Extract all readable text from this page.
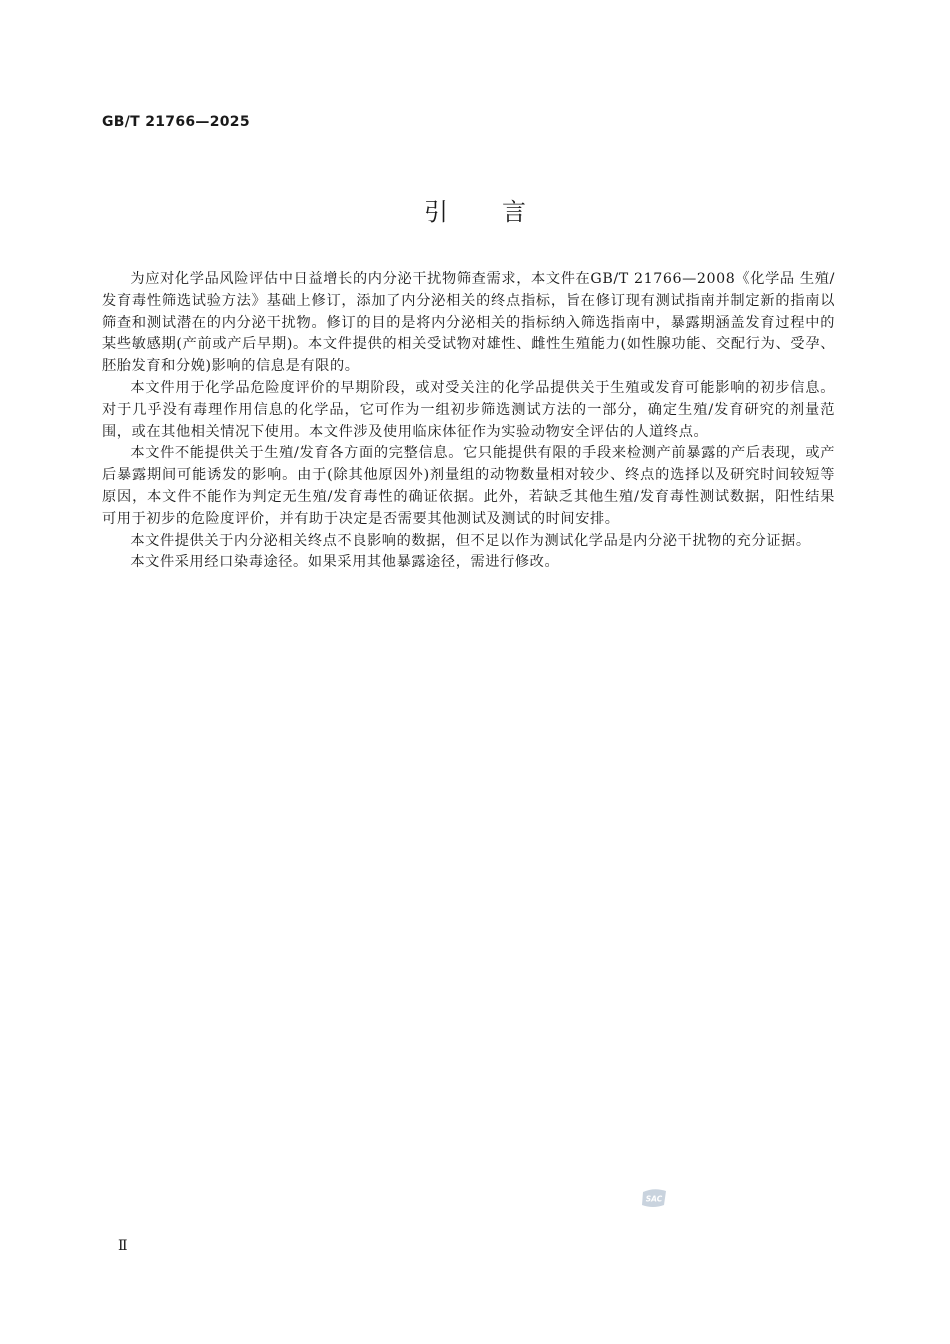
GB/T 21766—2025
引言

为应对化学品风险评估中日益增长的内分泌干扰物筛查需求，本文件在GB/T 21766—2008《化学品 生殖/发育毒性筛选试验方法》基础上修订，添加了内分泌相关的终点指标，旨在修订现有测试指南并制定新的指南以筛查和测试潜在的内分泌干扰物。修订的目的是将内分泌相关的指标纳入筛选指南中，暴露期涵盖发育过程中的某些敏感期(产前或产后早期)。本文件提供的相关受试物对雄性、雌性生殖能力(如性腺功能、交配行为、受孕、胚胎发育和分娩)影响的信息是有限的。

本文件用于化学品危险度评价的早期阶段，或对受关注的化学品提供关于生殖或发育可能影响的初步信息。对于几乎没有毒理作用信息的化学品，它可作为一组初步筛选测试方法的一部分，确定生殖/发育研究的剂量范围，或在其他相关情况下使用。本文件涉及使用临床体征作为实验动物安全评估的人道终点。

本文件不能提供关于生殖/发育各方面的完整信息。它只能提供有限的手段来检测产前暴露的产后表现，或产后暴露期间可能诱发的影响。由于(除其他原因外)剂量组的动物数量相对较少、终点的选择以及研究时间较短等原因，本文件不能作为判定无生殖/发育毒性的确证依据。此外，若缺乏其他生殖/发育毒性测试数据，阳性结果可用于初步的危险度评价，并有助于决定是否需要其他测试及测试的时间安排。

本文件提供关于内分泌相关终点不良影响的数据，但不足以作为测试化学品是内分泌干扰物的充分证据。

本文件采用经口染毒途径。如果采用其他暴露途径，需进行修改。

SAC
Ⅱ
